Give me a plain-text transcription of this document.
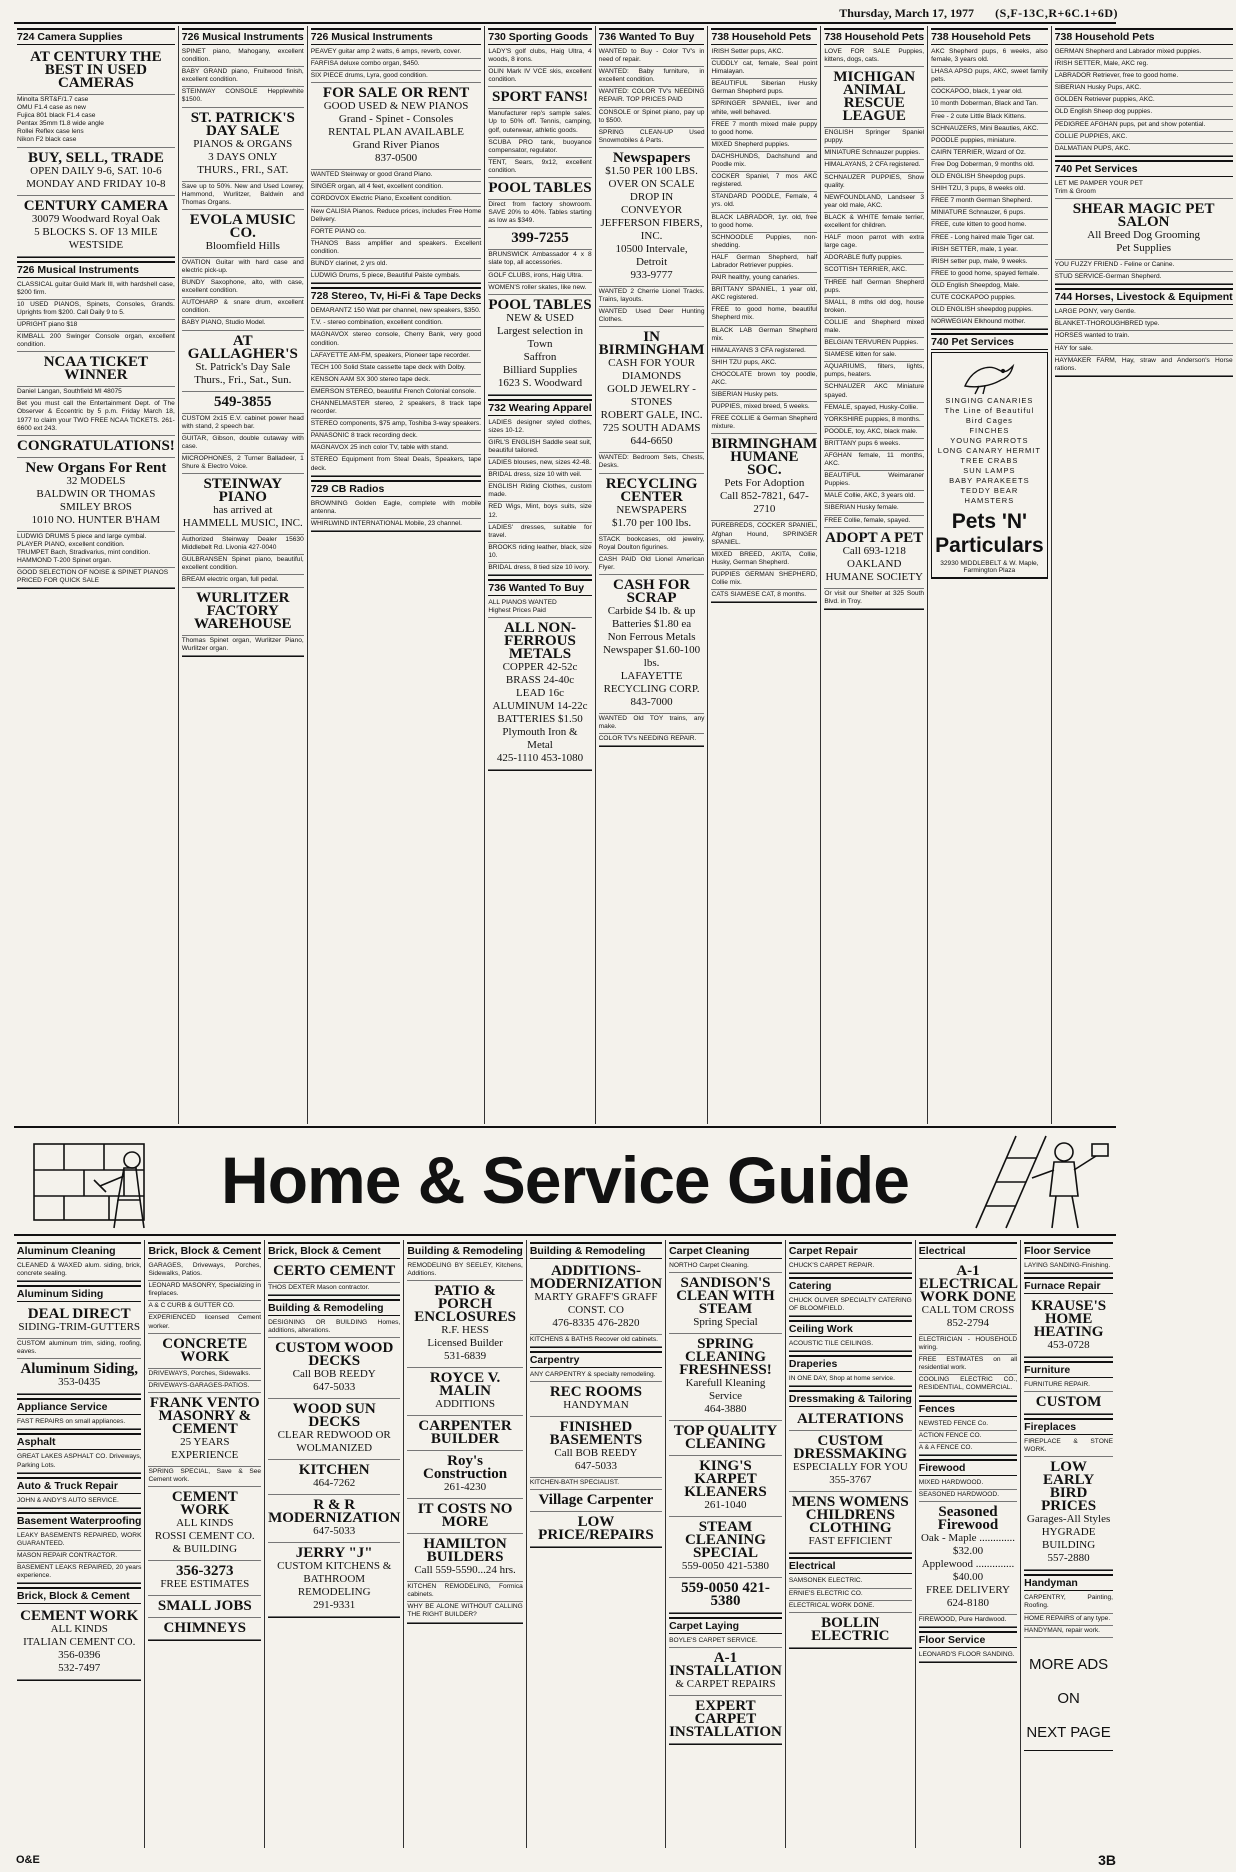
Thursday, March 17, 1977 (S,F-13C,R+6C.1+6D)
724 Camera Supplies
AT CENTURY THE BEST IN USED CAMERAS
Minolta SRT&F/1.7 case
OMU F1.4 case as new
Fujica 801 black F1.4 case
Pentax 35mm f1.8 wide angle
Rollei Reflex case lens
Nikon F2 black case
BUY, SELL, TRADE
OPEN DAILY 9-6, SAT. 10-6
MONDAY AND FRIDAY 10-8
CENTURY CAMERA
30079 Woodward Royal Oak
5 BLOCKS S. OF 13 MILE WESTSIDE
726 Musical Instruments
CLASSICAL guitar Guild Mark III, with hardshell case, $200 firm.
10 USED PIANOS, Spinets, Consoles, Grands. Uprights from $200. Call Daily 9 to 5.
UPRIGHT piano $18
KIMBALL 200 Swinger Console organ, excellent condition.
NCAA TICKET WINNER
Daniel Langan, Southfield MI 48075
Bet you must call the Entertainment Dept. of The Observer & Eccentric by 5 p.m. Friday March 18, 1977 to claim your TWO FREE NCAA TICKETS. 261-6600 ext 243.
CONGRATULATIONS!
New Organs For Rent
32 MODELS
BALDWIN OR THOMAS
SMILEY BROS
1010 NO. HUNTER B'HAM
LUDWIG DRUMS 5 piece and large cymbal.
PLAYER PIANO, excellent condition.
TRUMPET Bach, Stradivarius, mint condition.
HAMMOND T-200 Spinet organ.
GOOD SELECTION OF NOISE & SPINET PIANOS
PRICED FOR QUICK SALE
726 Musical Instruments
SPINET piano, Mahogany, excellent condition.
BABY GRAND piano, Fruitwood finish, excellent condition.
STEINWAY CONSOLE Hepplewhite $1500.
ST. PATRICK'S DAY SALE
PIANOS & ORGANS
3 DAYS ONLY
THURS., FRI., SAT.
Save up to 50%. New and Used Lowrey, Hammond, Wurlitzer, Baldwin and Thomas Organs.
EVOLA MUSIC CO.
Bloomfield Hills
OVATION Guitar with hard case and electric pick-up.
BUNDY Saxophone, alto, with case, excellent condition.
AUTOHARP & snare drum, excellent condition.
BABY PIANO, Studio Model.
AT GALLAGHER'S
St. Patrick's Day Sale
Thurs., Fri., Sat., Sun.
549-3855
CUSTOM 2x15 E.V. cabinet power head with stand, 2 speech bar.
GUITAR, Gibson, double cutaway with case.
MICROPHONES, 2 Turner Balladeer, 1 Shure & Electro Voice.
STEINWAY PIANO
has arrived at
HAMMELL MUSIC, INC.
Authorized Steinway Dealer 15630 Middlebelt Rd. Livonia 427-0040
GULBRANSEN Spinet piano, beautiful, excellent condition.
BREAM electric organ, full pedal.
WURLITZER FACTORY WAREHOUSE
Thomas Spinet organ, Wurlitzer Piano, Wurlitzer organ.
726 Musical Instruments
PEAVEY guitar amp 2 watts, 6 amps, reverb, cover.
FARFISA deluxe combo organ, $450.
SIX PIECE drums, Lyra, good condition.
FOR SALE OR RENT
GOOD USED & NEW PIANOS
Grand - Spinet - Consoles
RENTAL PLAN AVAILABLE
Grand River Pianos
837-0500
WANTED Steinway or good Grand Piano.
SINGER organ, all 4 feet, excellent condition.
CORDOVOX Electric Piano, Excellent condition.
New CALISIA Pianos. Reduce prices, includes Free Home Delivery.
FORTE PIANO co.
THANOS Bass amplifier and speakers. Excellent condition.
BUNDY clarinet, 2 yrs old.
LUDWIG Drums, 5 piece, Beautiful Paiste cymbals.
728 Stereo, Tv, Hi-Fi & Tape Decks
DEMARANTZ 150 Watt per channel, new speakers, $350.
T.V. - stereo combination, excellent condition.
MAGNAVOX stereo console, Cherry Bank, very good condition.
LAFAYETTE AM-FM, speakers, Pioneer tape recorder.
TECH 100 Solid State cassette tape deck with Dolby.
KENSON AAM SX 300 stereo tape deck.
EMERSON STEREO, beautiful French Colonial console.
CHANNELMASTER stereo, 2 speakers, 8 track tape recorder.
STEREO components, $75 amp, Toshiba 3-way speakers.
PANASONIC 8 track recording deck.
MAGNAVOX 25 inch color TV, table with stand.
STEREO Equipment from Steal Deals, Speakers, tape deck.
729 CB Radios
BROWNING Golden Eagle, complete with mobile antenna.
WHIRLWIND INTERNATIONAL Mobile, 23 channel.
730 Sporting Goods
LADY'S golf clubs, Haig Ultra, 4 woods, 8 irons.
OLIN Mark IV VCE skis, excellent condition.
SPORT FANS!
Manufacturer rep's sample sales. Up to 50% off. Tennis, camping, golf, outerwear, athletic goods.
SCUBA PRO tank, buoyance compensator, regulator.
TENT, Sears, 9x12, excellent condition.
POOL TABLES
Direct from factory showroom. SAVE 20% to 40%. Tables starting as low as $349.
399-7255
BRUNSWICK Ambassador 4 x 8 slate top, all accessories.
GOLF CLUBS, irons, Haig Ultra.
WOMEN'S roller skates, like new.
POOL TABLES
NEW & USED
Largest selection in Town
Saffron
Billiard Supplies
1623 S. Woodward
732 Wearing Apparel
LADIES designer styled clothes, sizes 10-12.
GIRL'S ENGLISH Saddle seat suit, beautiful tailored.
LADIES blouses, new, sizes 42-48.
BRIDAL dress, size 10 with veil.
ENGLISH Riding Clothes, custom made.
RED Wigs, Mint, boys suits, size 12.
LADIES' dresses, suitable for travel.
BROOKS riding leather, black, size 10.
BRIDAL dress, 8 tied size 10 ivory.
736 Wanted To Buy
ALL PIANOS WANTED
Highest Prices Paid
ALL NON-FERROUS METALS
COPPER 42-52c
BRASS 24-40c
LEAD 16c
ALUMINUM 14-22c
BATTERIES $1.50
Plymouth Iron & Metal
425-1110 453-1080
736 Wanted To Buy
WANTED to Buy - Color TV's in need of repair.
WANTED: Baby furniture, in excellent condition.
WANTED: COLOR TV's NEEDING REPAIR. TOP PRICES PAID
CONSOLE or Spinet piano, pay up to $500.
SPRING CLEAN-UP Used Snowmobiles & Parts.
Newspapers
$1.50 PER 100 LBS.
OVER ON SCALE
DROP IN CONVEYOR
JEFFERSON FIBERS, INC.
10500 Intervale, Detroit
933-9777
WANTED 2 Cherrie Lionel Tracks. Trains, layouts.
WANTED Used Deer Hunting Clothes.
IN BIRMINGHAM
CASH FOR YOUR DIAMONDS
GOLD JEWELRY - STONES
ROBERT GALE, INC.
725 SOUTH ADAMS
644-6650
WANTED: Bedroom Sets, Chests, Desks.
RECYCLING CENTER
NEWSPAPERS
$1.70 per 100 lbs.
STACK bookcases, old jewelry, Royal Doulton figurines.
CASH PAID Old Lionel American Flyer.
CASH FOR SCRAP
Carbide $4 lb. & up
Batteries $1.80 ea
Non Ferrous Metals
Newspaper $1.60-100 lbs.
LAFAYETTE RECYCLING CORP.
843-7000
WANTED Old TOY trains, any make.
COLOR TV's NEEDING REPAIR.
738 Household Pets
IRISH Setter pups, AKC.
CUDDLY cat, female, Seal point Himalayan.
BEAUTIFUL Siberian Husky German Shepherd pups.
SPRINGER SPANIEL, liver and white, well behaved.
FREE 7 month mixed male puppy to good home.
MIXED Shepherd puppies.
DACHSHUNDS, Dachshund and Poodle mix.
COCKER Spaniel, 7 mos AKC registered.
STANDARD POODLE, Female, 4 yrs. old.
BLACK LABRADOR, 1yr. old, free to good home.
SCHNOODLE Puppies, non-shedding.
HALF German Shepherd, half Labrador Retriever puppies.
PAIR healthy, young canaries.
BRITTANY SPANIEL, 1 year old, AKC registered.
FREE to good home, beautiful Shepherd mix.
BLACK LAB German Shepherd mix.
HIMALAYANS 3 CFA registered.
SHIH TZU pups, AKC.
CHOCOLATE brown toy poodle, AKC.
SIBERIAN Husky pets.
PUPPIES, mixed breed, 5 weeks.
FREE COLLIE & German Shepherd mixture.
BIRMINGHAM HUMANE SOC.
Pets For Adoption
Call 852-7821, 647-2710
PUREBREDS, COCKER SPANIEL, Afghan Hound, SPRINGER SPANIEL.
MIXED BREED, AKITA, Collie, Husky, German Shepherd.
PUPPIES GERMAN SHEPHERD, Collie mix.
CATS SIAMESE CAT, 8 months.
738 Household Pets
LOVE FOR SALE Puppies, kittens, dogs, cats.
MICHIGAN ANIMAL RESCUE LEAGUE
ENGLISH Springer Spaniel puppy.
MINIATURE Schnauzer puppies.
HIMALAYANS, 2 CFA registered.
SCHNAUZER PUPPIES, Show quality.
NEWFOUNDLAND, Landseer 3 year old male, AKC.
BLACK & WHITE female terrier, excellent for children.
HALF moon parrot with extra large cage.
ADORABLE fluffy puppies.
SCOTTISH TERRIER, AKC.
THREE half German Shepherd pups.
SMALL, 8 mths old dog, house broken.
COLLIE and Shepherd mixed male.
BELGIAN TERVUREN Puppies.
SIAMESE kitten for sale.
AQUARIUMS, filters, lights, pumps, heaters.
SCHNAUZER AKC Miniature spayed.
FEMALE, spayed, Husky-Collie.
YORKSHIRE puppies, 8 months.
POODLE, toy, AKC, black male.
BRITTANY pups 6 weeks.
AFGHAN female, 11 months, AKC.
BEAUTIFUL Weimaraner Puppies.
MALE Collie, AKC, 3 years old.
SIBERIAN Husky female.
FREE Collie, female, spayed.
ADOPT A PET
Call 693-1218
OAKLAND HUMANE SOCIETY
Or visit our Shelter at 325 South Blvd. in Troy.
738 Household Pets
AKC Shepherd pups, 6 weeks, also female, 3 years old.
LHASA APSO pups, AKC, sweet family pets.
COCKAPOO, black, 1 year old.
10 month Doberman, Black and Tan.
Free - 2 cute Little Black Kittens.
SCHNAUZERS, Mini Beauties, AKC.
POODLE puppies, miniature.
CAIRN TERRIER, Wizard of Oz.
Free Dog Doberman, 9 months old.
OLD ENGLISH Sheepdog pups.
SHIH TZU, 3 pups, 8 weeks old.
FREE 7 month German Shepherd.
MINIATURE Schnauzer, 6 pups.
FREE, cute kitten to good home.
FREE - Long haired male Tiger cat.
IRISH SETTER, male, 1 year.
IRISH setter pup, male, 9 weeks.
FREE to good home, spayed female.
OLD English Sheepdog, Male.
CUTE COCKAPOO puppies.
OLD ENGLISH sheepdog puppies.
NORWEGIAN Elkhound mother.
740 Pet Services
SINGING CANARIES
The Line of Beautiful
Bird Cages
FINCHES
YOUNG PARROTS
LONG CANARY HERMIT TREE CRABS
SUN LAMPS
BABY PARAKEETS
TEDDY BEAR HAMSTERS
Pets 'N' Particulars
32930 MIDDLEBELT & W. Maple, Farmington Plaza
738 Household Pets
GERMAN Shepherd and Labrador mixed puppies.
IRISH SETTER, Male, AKC reg.
LABRADOR Retriever, free to good home.
SIBERIAN Husky Pups, AKC.
GOLDEN Retriever puppies, AKC.
OLD English Sheep dog puppies.
PEDIGREE AFGHAN pups, pet and show potential.
COLLIE PUPPIES, AKC.
DALMATIAN PUPS, AKC.
740 Pet Services
LET ME PAMPER YOUR PET
Trim & Groom
SHEAR MAGIC PET SALON
All Breed Dog Grooming
Pet Supplies
YOU FUZZY FRIEND - Feline or Canine.
STUD SERVICE-German Shepherd.
744 Horses, Livestock & Equipment
LARGE PONY, very Gentle.
BLANKET-THOROUGHBRED type.
HORSES wanted to train.
HAY for sale.
HAYMAKER FARM, Hay, straw and Anderson's Horse rations.
Home & Service Guide
Aluminum Cleaning
CLEANED & WAXED alum. siding, brick, concrete sealing.
Aluminum Siding
DEAL DIRECT
SIDING-TRIM-GUTTERS
CUSTOM aluminum trim, siding, roofing, eaves.
Aluminum Siding,
353-0435
Appliance Service
FAST REPAIRS on small appliances.
Asphalt
GREAT LAKES ASPHALT CO. Driveways, Parking Lots.
Auto & Truck Repair
JOHN & ANDY'S AUTO SERVICE.
Basement Waterproofing
LEAKY BASEMENTS REPAIRED, WORK GUARANTEED.
MASON REPAIR CONTRACTOR.
BASEMENT LEAKS REPAIRED, 20 years experience.
Brick, Block & Cement
CEMENT WORK
ALL KINDS
ITALIAN CEMENT CO.
356-0396
532-7497
Brick, Block & Cement
GARAGES, Driveways, Porches, Sidewalks, Patios.
LEONARD MASONRY, Specializing in fireplaces.
A & C CURB & GUTTER CO.
EXPERIENCED licensed Cement worker.
CONCRETE WORK
DRIVEWAYS, Porches, Sidewalks.
DRIVEWAYS-GARAGES-PATIOS.
FRANK VENTO MASONRY & CEMENT
25 YEARS EXPERIENCE
SPRING SPECIAL, Save & See Cement work.
CEMENT WORK
ALL KINDS
ROSSI CEMENT CO.
& BUILDING
356-3273
FREE ESTIMATES
SMALL JOBS
CHIMNEYS
Brick, Block & Cement
CERTO CEMENT
THOS DEXTER Mason contractor.
Building & Remodeling
DESIGNING OR BUILDING Homes, additions, alterations.
CUSTOM WOOD DECKS
Call BOB REEDY
647-5033
WOOD SUN DECKS
CLEAR REDWOOD OR WOLMANIZED
KITCHEN
464-7262
R & R MODERNIZATION
647-5033
JERRY "J"
CUSTOM KITCHENS & BATHROOM REMODELING
291-9331
Building & Remodeling
REMODELING BY SEELEY, Kitchens, Additions.
PATIO & PORCH ENCLOSURES
R.F. HESS
Licensed Builder
531-6839
ROYCE V. MALIN
ADDITIONS
CARPENTER BUILDER
Roy's Construction
261-4230
IT COSTS NO MORE
HAMILTON BUILDERS
Call 559-5590...24 hrs.
KITCHEN REMODELING, Formica cabinets.
WHY BE ALONE WITHOUT CALLING THE RIGHT BUILDER?
Building & Remodeling
ADDITIONS-MODERNIZATION
MARTY GRAFF'S GRAFF CONST. CO
476-8335 476-2820
KITCHENS & BATHS Recover old cabinets.
Carpentry
ANY CARPENTRY & specialty remodeling.
REC ROOMS
HANDYMAN
FINISHED BASEMENTS
Call BOB REEDY
647-5033
KITCHEN-BATH SPECIALIST.
Village Carpenter
LOW PRICE/REPAIRS
Carpet Cleaning
NORTHO Carpet Cleaning.
SANDISON'S CLEAN WITH STEAM
Spring Special
SPRING CLEANING FRESHNESS!
Karefull Kleaning Service
464-3880
TOP QUALITY CLEANING
KING'S KARPET KLEANERS
261-1040
STEAM CLEANING SPECIAL
559-0050 421-5380
559-0050 421-5380
Carpet Laying
BOYLE'S CARPET SERVICE.
A-1 INSTALLATION
& CARPET REPAIRS
EXPERT CARPET INSTALLATION
Carpet Repair
CHUCK'S CARPET REPAIR.
Catering
CHUCK OLIVER SPECIALTY CATERING OF BLOOMFIELD.
Ceiling Work
ACOUSTIC TILE CEILINGS.
Draperies
IN ONE DAY, Shop at home service.
Dressmaking & Tailoring
ALTERATIONS
CUSTOM DRESSMAKING
ESPECIALLY FOR YOU
355-3767
MENS WOMENS CHILDRENS CLOTHING
FAST EFFICIENT
Electrical
SAMSONEK ELECTRIC.
ERNIE'S ELECTRIC CO.
ELECTRICAL WORK DONE.
BOLLIN ELECTRIC
Electrical
A-1 ELECTRICAL WORK DONE
CALL TOM CROSS
852-2794
ELECTRICIAN - HOUSEHOLD wiring.
FREE ESTIMATES on all residential work.
COOLING ELECTRIC CO., RESIDENTIAL, COMMERCIAL.
Fences
NEWSTED FENCE Co.
ACTION FENCE CO.
A & A FENCE CO.
Firewood
MIXED HARDWOOD.
SEASONED HARDWOOD.
Seasoned Firewood
Oak - Maple ............. $32.00
Applewood .............. $40.00
FREE DELIVERY
624-8180
FIREWOOD, Pure Hardwood.
Floor Service
LEONARD'S FLOOR SANDING.
Floor Service
LAYING SANDING-Finishing.
Furnace Repair
KRAUSE'S HOME HEATING
453-0728
Furniture
FURNITURE REPAIR.
CUSTOM
Fireplaces
FIREPLACE & STONE WORK.
LOW EARLY BIRD PRICES
Garages-All Styles
HYGRADE BUILDING
557-2880
Handyman
CARPENTRY, Painting, Roofing.
HOME REPAIRS of any type.
HANDYMAN, repair work.
MORE ADS
ON
NEXT PAGE
O&E	3B
